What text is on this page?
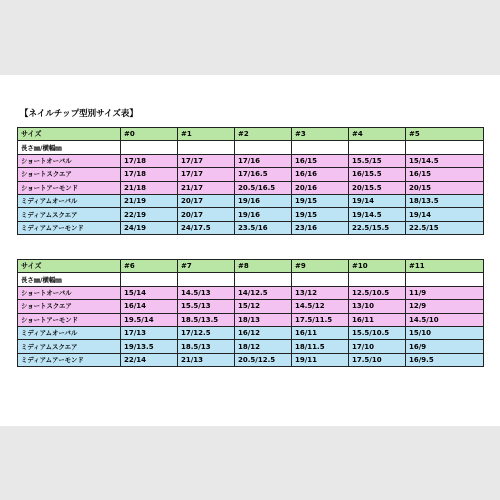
【ネイルチップ型別サイズ表】
サイズ	#0	#1	#2	#3	#4	#5
長さ㎜/横幅㎜						
ショートオーバル	17/18	17/17	17/16	16/15	15.5/15	15/14.5
ショートスクエア	17/18	17/17	17/16.5	16/16	16/15.5	16/15
ショートアーモンド	21/18	21/17	20.5/16.5	20/16	20/15.5	20/15
ミディアムオーバル	21/19	20/17	19/16	19/15	19/14	18/13.5
ミディアムスクエア	22/19	20/17	19/16	19/15	19/14.5	19/14
ミディアムアーモンド	24/19	24/17.5	23.5/16	23/16	22.5/15.5	22.5/15
サイズ	#6	#7	#8	#9	#10	#11
長さ㎜/横幅㎜						
ショートオーバル	15/14	14.5/13	14/12.5	13/12	12.5/10.5	11/9
ショートスクエア	16/14	15.5/13	15/12	14.5/12	13/10	12/9
ショートアーモンド	19.5/14	18.5/13.5	18/13	17.5/11.5	16/11	14.5/10
ミディアムオーバル	17/13	17/12.5	16/12	16/11	15.5/10.5	15/10
ミディアムスクエア	19/13.5	18.5/13	18/12	18/11.5	17/10	16/9
ミディアムアーモンド	22/14	21/13	20.5/12.5	19/11	17.5/10	16/9.5
